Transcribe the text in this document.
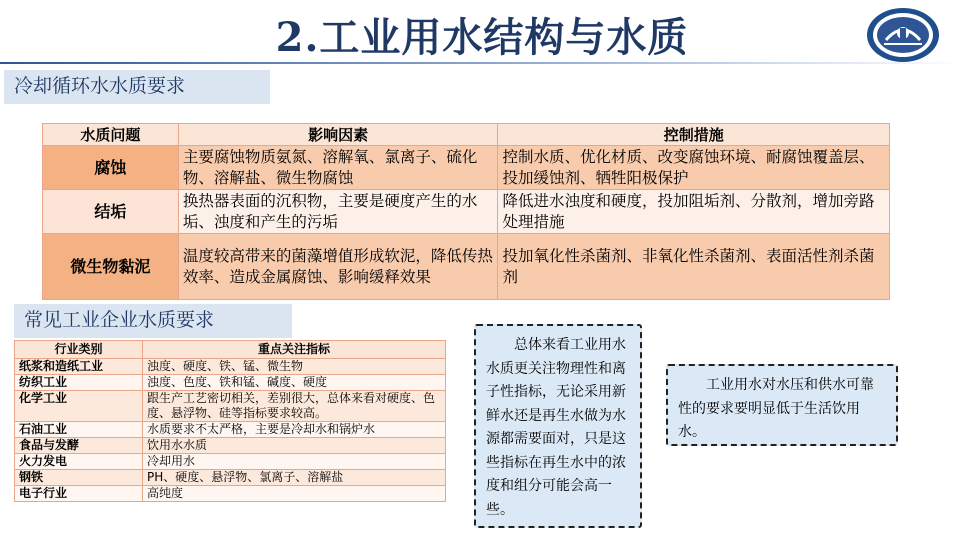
2.工业用水结构与水质
冷却循环水水质要求
水质问题	影响因素	控制措施
腐蚀	主要腐蚀物质氨氮、溶解氧、氯离子、硫化物、溶解盐、微生物腐蚀	控制水质、优化材质、改变腐蚀环境、耐腐蚀覆盖层、投加缓蚀剂、牺牲阳极保护
结垢	换热器表面的沉积物，主要是硬度产生的水垢、浊度和产生的污垢	降低进水浊度和硬度，投加阻垢剂、分散剂，增加旁路处理措施
微生物黏泥	温度较高带来的菌藻增值形成软泥，降低传热效率、造成金属腐蚀、影响缓释效果	投加氧化性杀菌剂、非氧化性杀菌剂、表面活性剂杀菌剂
常见工业企业水质要求
行业类别	重点关注指标
纸浆和造纸工业	浊度、硬度、铁、锰、微生物
纺织工业	浊度、色度、铁和锰、碱度、硬度
化学工业	跟生产工艺密切相关，差别很大，总体来看对硬度、色度、悬浮物、硅等指标要求较高。
石油工业	水质要求不太严格，主要是冷却水和锅炉水
食品与发酵	饮用水水质
火力发电	冷却用水
钢铁	PH、硬度、悬浮物、氯离子、溶解盐
电子行业	高纯度
总体来看工业用水水质更关注物理性和离子性指标，无论采用新鲜水还是再生水做为水源都需要面对，只是这些指标在再生水中的浓度和组分可能会高一些。
工业用水对水压和供水可靠性的要求要明显低于生活饮用水。
